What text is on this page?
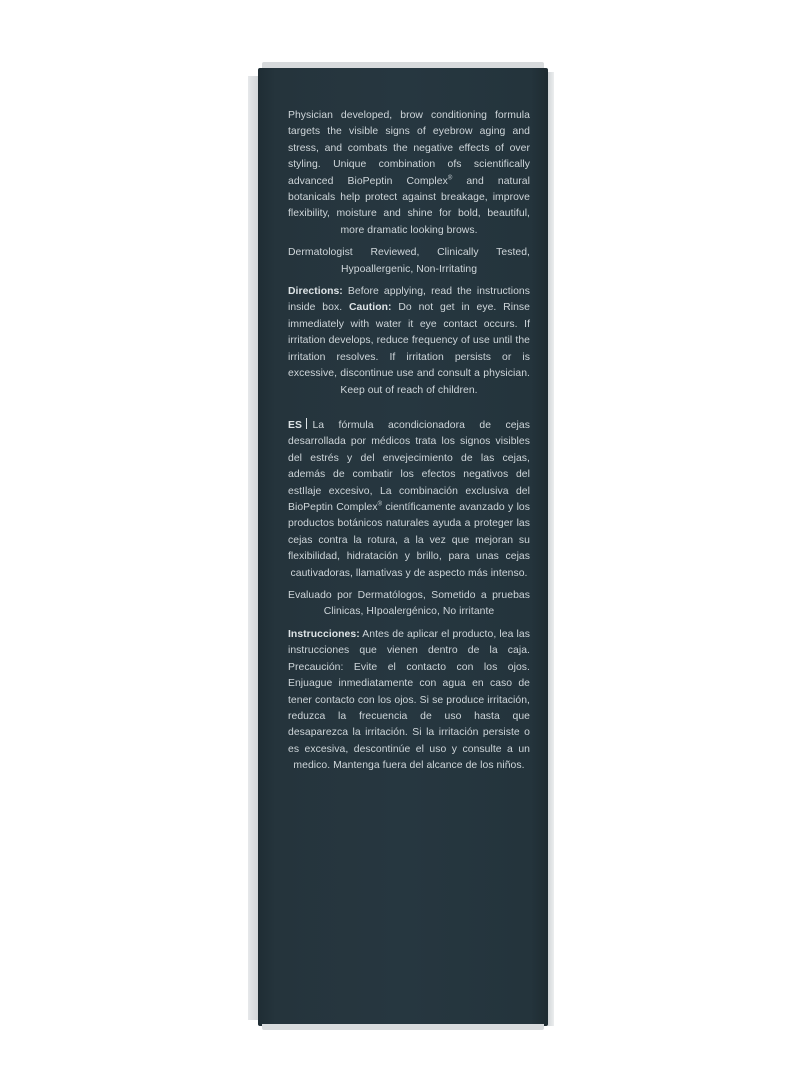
Physician developed, brow conditioning formula targets the visible signs of eyebrow aging and stress, and combats the negative effects of over styling. Unique combination ofs scientifically advanced BioPeptin Complex® and natural botanicals help protect against breakage, improve flexibility, moisture and shine for bold, beautiful, more dramatic looking brows.

Dermatologist Reviewed, Clinically Tested, Hypoallergenic, Non-Irritating

Directions: Before applying, read the instructions inside box. Caution: Do not get in eye. Rinse immediately with water it eye contact occurs. If irritation develops, reduce frequency of use until the irritation resolves. If irritation persists or is excessive, discontinue use and consult a physician. Keep out of reach of children.

ES La fórmula acondicionadora de cejas desarrollada por médicos trata los signos visibles del estrés y del envejecimiento de las cejas, además de combatir los efectos negativos del estIlaje excesivo, La combinación exclusiva del BioPeptin Complex® científicamente avanzado y los productos botánicos naturales ayuda a proteger las cejas contra la rotura, a la vez que mejoran su flexibilidad, hidratación y brillo, para unas cejas cautivadoras, llamativas y de aspecto más intenso.

Evaluado por Dermatólogos, Sometido a pruebas Clinicas, HIpoalergénico, No irritante

Instrucciones: Antes de aplicar el producto, lea las instrucciones que vienen dentro de la caja. Precaución: Evite el contacto con los ojos. Enjuague inmediatamente con agua en caso de tener contacto con los ojos. Si se produce irritación, reduzca la frecuencia de uso hasta que desaparezca la irritación. Si la irritación persiste o es excesiva, descontinúe el uso y consulte a un medico. Mantenga fuera del alcance de los niños.
